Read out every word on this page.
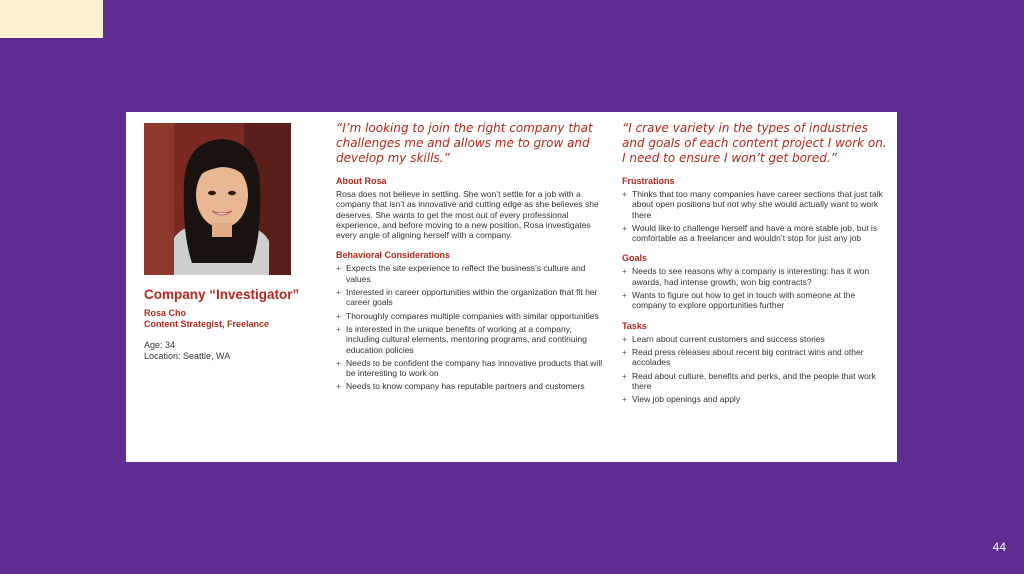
Company “Investigator”
Rosa Cho
Content Strategist, Freelance
Age: 34
Location: Seattle, WA
“I’m looking to join the right company that challenges me and allows me to grow and develop my skills.”
About Rosa
Rosa does not believe in settling. She won’t settle for a job with a company that isn’t as innovative and cutting edge as she believes she deserves. She wants to get the most out of every professional experience, and before moving to a new position, Rosa investigates every angle of aligning herself with a company.
Behavioral Considerations
+ Expects the site experience to reflect the business’s culture and values
+ Interested in career opportunities within the organization that fit her career goals
+ Thoroughly compares multiple companies with similar opportunities
+ Is interested in the unique benefits of working at a company, including cultural elements, mentoring programs, and continuing education policies
+ Needs to be confident the company has innovative products that will be interesting to work on
+ Needs to know company has reputable partners and customers
“I crave variety in the types of industries and goals of each content project I work on. I need to ensure I won’t get bored.”
Frustrations
+ Thinks that too many companies have career sections that just talk about open positions but not why she would actually want to work there
+ Would like to challenge herself and have a more stable job, but is comfortable as a freelancer and wouldn’t stop for just any job
Goals
+ Needs to see reasons why a company is interesting: has it won awards, had intense growth, won big contracts?
+ Wants to figure out how to get in touch with someone at the company to explore opportunities further
Tasks
+ Learn about current customers and success stories
+ Read press releases about recent big contract wins and other accolades
+ Read about culture, benefits and perks, and the people that work there
+ View job openings and apply
44
